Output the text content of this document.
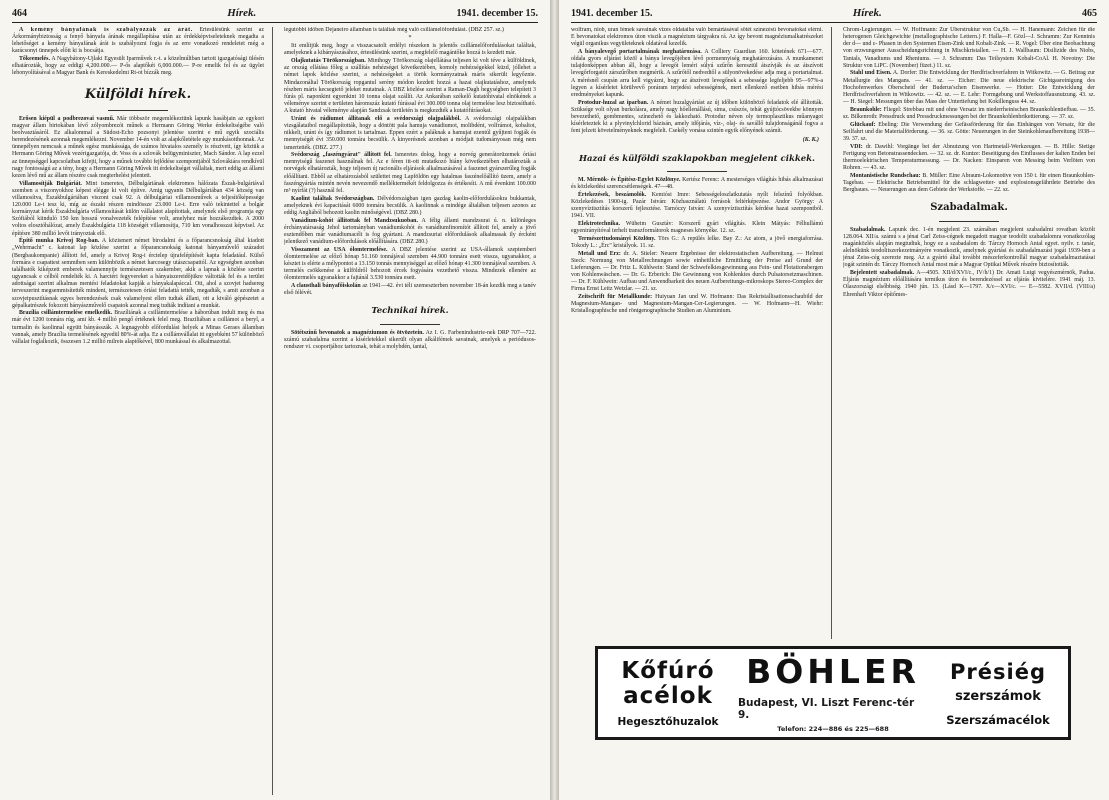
464	Hírek.	1941. december 15.

A kemény bányafának is szabályozzák az árát. Értesülésünk szerint az Árkormánybiztosság a fenyő bányafa árának megállapítása után az érdekképviseleteknek megadta a lehetőséget a kemény bányafának árát is szabályozni fogja és az erre vonatkozó rendeletet még a karácsonyi ünnepek előtt ki is bocsátja.

Tőkeemelés. A Nagybátony-Ujlaki Egyesült Iparművek r.-t. a közelmúltban tartott igazgatósági ülésén elhatározták, hogy az eddigi 4,200.000.— P-ős alaptőkét 6,000.000.— P-re emelik fel és az ügylet lebonyolításával a Magyar Bank és Kereskedelmi Rt-ot bízzák meg.

Külföldi hírek.

Erősen kiépül a podbrezovai vasmű. Már többször megemlékeztünk lapunk hasábjain az egykori magyar állam birtokában lévő zólyombrezói műnek a Hermann Göring Werke érdekeltségébe való beolvasztásáról. Ez alkalommal a Südost-Echo pozsonyi jelentése szerint e mű egyik szociális berendezésének azonnak megemlékezni. November 14-én volt az alapkőletétele egy munkásotthonnak. Az ünnepélyen nemcsak a műnek egész munkássága, de számos hivatalos személy is résztvett, így köztük a Hermann Göring Művek vezérigazgatója, dr. Voss és a szlovák belügyminiszter, Mach Sándor. A lap ezzel az ünnepséggel kapcsolatban kifejti, hogy a műnek további fejlődése szempontjából Szlovákiára rendkívül nagy fontosságú az a tény, hogy a Hermann Göring Művek itt érdekeltséget vállaltak, mert eddig az állami kezen lévő mű az állam részére csak megterhelést jelentett.

Villamosítják Bulgáriát. Mint ismeretes, Délbulgáriának elektromos hálózata Észak-bulgáriával szemben a viszonyokhoz képest elégge ki volt építve. Amig ugyanis Délbulgáriában 434 község van villamosítva, Északbulgáriában viszont csak 92. A délbulgáriai villamosművek a teljesítőképessége 120.000 Le-t tesz ki, míg az északi részen mindössze 23.000 Le-t. Erre való tekintettel a bolgár kormányzat kérik Északbulgária villamosítását külön vállalatot alapítottak, amelynek első programja egy Szófiából kiinduló 150 km hosszú vonalvezeték felépítése volt, amelyhez már hozzákezdtek. A 2000 voltos elosztóhálózat, amely Északbulgária 118 községét villamosítja, 710 km vonalhosszat képvisel. Az építésre 380 millió levőt irányoztak elő.

Építő munka Krivoj Rog-ban. A közismert német birodalmi és a főparancsnokság által kiadott „Wehrmacht" c. katonai lap közlése szerint a főparancsnokság katonai bányaművelő századot (Bergbaukompanie) állított fel, amely a Krivoj Rog-i érctelep újrafelépítését kapta feladatául. Külső formára e csapattest semmiben sem különbözik a német harcosegy utászcsapattól. Az egységben azonban találhatók kiképzett emberek valamennyije természetesen szakember, akik a lapnak a közlése szerint ugyancsak e célból rendelték ki. A harctéri fegyvereket a bányaiszereidőjükre váltották fel és a terület adottságai szerint alkalmas mentési feladatokat kapják a bányakalapáccal. Ott, ahol a szovjet hadsereg terveszerint megsemmisítették mindent, természetesen óriási feladattá tették, megadták, s amit azonban a szovjetpusztításnak egyes berendezések csak valamelyest ellen tudtak állani, ott a kiváló gépészetet a gépalkatrészek fokozott bányászművelő csapatok azonnal meg tudták indítani a munkát.

Brazília csillámtermelése emelkedik. Brazíliának a csillámtermelése a háborúban indult meg és ma már évi 1200 tonnára rúg, ami kb. 4 millió pengő értéknek felel meg. Braziliában a csillámot a beryl, a turmalin és kaolinnal együtt bányásszák. A legnagyobb előfordulási helyek a Minas Geraes államban vannak, amely Brazília termelésének egyedül 80%-át adja. Ez a csillámvállalat itt egyebként 57 különböző vállalat foglalkozik, összesen 1.2 millió milreis alaptőkével, 800 munkással és alkalmazottal.

legutóbbi időben Dejaneiro államban is találtak még való csillámelőfordulást. (DBZ 257. sz.)

*

Itt említjük meg, hogy a visszacsatolt erdélyi részeken is jelentős csillámelőfordulásokat találtak, amelyeknek a kibányászásához, értesülésünk szerint, a megfelelő magántőke hozzá is kezdett már.

Olajkutatás Törökországban. Minthogy Törökország olajellátása teljesen ki volt téve a külföldinek, az ország ellátása főleg a szállítás nehézségei következtében, komoly nehézségekkel küzd, jóllehet a német lapok közlése szerint, a nehézségeket a török kormányzatnak máris sikerült legyőznie. Mindazonáltal Törökország ropgantul serény módon kezdett hozzá a hazai olajkutatáshoz, amelynek részben máris kecsegtető jeleket mutatnak. A DBZ közlése szerint a Raman-Dagh hegységben telepített 3 fúrás pl. naponkint egyenkint 10 tonna olajat szállít. Az Ankarában székelő kutatóhivatal elnökének a véleménye szerint e területen háromszáz kutató fúrással évi 300.000 tonna olaj termelése lesz biztosítható. A kutató hivatal véleménye alapján Sandzsak területén is megkezdték a kutatófúrásokat.

Uránt és rádiumot állítanak elő a svédországi olajpalákból. A svédországi olajpalákban vizsgálataibol megállapították, hogy a döntött pala hamuja vanádiumot, molibdént, volfrámot, kobaltot, nikkelt, uránt és így rádiumot is tartalmaz. Éppen ezért a paláknak a hamujat ezentúl gyűjteni fogják és mennyiségét évi 350.000 tonnára becsülik. A kinyerésnek azonban a módjait tudományosan még nem ismertették. (DBZ. 277.)

Svédország „faszéngyárat" állított fel. Ismeretes dolog, hogy a norvég generátorüzemek óriási mennyiségű faszenet használnak fel. Az e féren itt-ott mutatkozó hiány következtében elhatározták a norvégek elhatározták, hogy teljesen új racionális eljárások alkalmazásával a faszenet gyárszerűleg fogják előállítani. Ebből az elhatározásból születtet meg Lapföldön egy hatalmas faszénelőállító üzem, amely a faszéngyártás mintén nevén nevezendő melléktermékét feldolgozza és értékesíti. A mű évenkint 100.000 m³ nyírfát (?) használ fel.

Kaolint találtak Svédországban. Délvédországban igen gazdag kaolin-előfordulásokra bukkantak, amelyeknek évi kapacitását 6000 tonnára becsülik. A kaolinnak a mindége általában teljesen azonos az eddig Angliából behozott kaolin minőségével. (DBZ 280.)

Vanádium-kohót állítottak fel Mandzsukuoban. A félig állami mandzsurai ú. n. különleges ércbányatársaság Jehol tartományban vanádiumkohót és vanádiumfinomítót állított fel, amely a jövő esztendőben már vanádiumacélt is fog gyártani. A mandzsuriai előfordulások alkalmasak ily ércként jelentkező vanádium-előfordulások előállítására. (DBZ 280.)

Visszament az USA ólomtermelése. A DBZ jelentése szerint az USA-államok szeptemberi ólomtermelése az előző hónap 51.160 tonnájával szemben 44.900 tonnára esett vissza, ugyanakkor, a késztet is elérte a mélypontot a 13.150 tonnás mennyiséggel az előző hónap 41.300 tonnájával szemben. A termelés csökkenése a külföldről behozott ércek fogyására vezethető vissza. Mindezek ellenére az ólomtermelés ugyanakkor a fajtánál 3.530 tonnára esett.

A clausthali bányafőiskolán az 1941—42. évi téli szemeszterben november 18-án kezdik meg a tanév első félévét.

Technikai hírek.

Sötétszínű bevonatok a magnéziumon és ötvözetein. Az I. G. Farbenindustrie-nek DRP 707—722. számú szabadalma szerint a kísérletekkel sikerült olyan alkálifémek savainak, amelyek a periódusos-rendszer vi. csoportjához tartoznak, tehát a molybdén, tantal,

1941. december 15.	Hírek.	465

wolfram, niob, uran fémek savainak vizes oldataiba való bemártásával sötét színezésű bevonatokat elérni. E bevonatokat elektromos úton viszik a magnézium tárgyakra rá. Az így bevont magnéziumalkatrészeket végül organikus vegyületeknek oldatával kezelik.

A bányalevegő portartalmának meghatározása. A Colliery Guardian 160. kötetének 671—677. oldala gyors eljárást közöl a bánya levegőjében lévő pormennyiség meghatározására. A munkamenet tulajdonképpen abban áll, hogy a levegőt leméri súlyú szűrőn keresztül átszívják és az átszívott levegőrforgatót zárszűrőben megmérik. A szűrőtől nedvedtől a sülyonövekedése adja meg a portartalmat. A mérésnél csupán arra kell vigyázni, hogy az átszívott levegőnek a sebessége legfeljebb 95—97%-a legyen a kísérletet körülvevő poráram terjedési sebességének, mert ellenkező esetben hibás mérési eredményeket kapunk.

Protodur-huzal az iparban. A német huzalgyártást az új időben különböző feladatok elé állították. Szüksége volt olyan burkolásra, amely nagy hőellenállású, sima, csúszós, tehát gyújtócsövekbe könnyen bevezethető, gombmentes, színezhető és lakkozható. Protodur néven oly termoplasztikus műanyagot kísérleteztek ki a plyvinylchlorid bázisán, amely időjárás, víz-, olaj- és savállő tulajdonságánál fogva a fent jelzett követelményeknek megfelelt. Csekély vonása szintén egyik előnyének számít.

(K. K.)

Hazai és külföldi szaklapokban megjelent cikkek.

M. Mérnök- és Építész-Egylet Közlönye. Kertész Ferenc: A mesterséges világítás hibás alkalmazásai és közlekedési szerencsétlenségek. 47—48.

Értekezések, beszámolók. Kemiósi Imre: Sebességeloszlatkutatás nyílt felszínű folyókban. Közlekedéses 1900-ig. Pazár István: Közhasználatú források feltérképezése. Andor György: A szenyvíztisztítás korszerű fejlesztése. Tarnóczy István: A szenyvíztisztítás kérdése hazai szempontból. 1941. VII.

Elektrotechnika. Wüheim Gusztáv: Korszerű gyári világítás. Klein Mátyás: Félhullámú egyenirányítóval terhelt transzformátorok magneses környéke. 12. sz.

Természettudományi Közlöny. Törs G.: A repülés lelke. Bay Z.: Az atom, a jövő energiaforrása. Tokody L.: „Érc" kristályok. 11. sz.

Metall und Erz: dr. A. Stieler: Neuere Ergebnisse der elektrostatischen Aufbereitung. — Helmut Steck: Normung von Metallrechnungen sowie einheitliche Ermittlung der Preise auf Grund der Lieferungen. — Dr. Fritz L. Kühlwein: Stand der Schwefelkiesgewinnung aus Fein- und Flotationsbergen von Kohlenwäschen. — Dr. G. Erberich: Die Gewinnung von Kohlenkies durch Pulsatorsetzmaschinen. — Dr. F. Kühlwein: Aufbau und Anwendbarkeit des neuen Aufbereitungs-mikroskops Stereo-Complex der Firma Ernst Leitz Wetzlar. — 21. sz.

Zeitschrift für Metallkunde: Huiyuan Jan und W. Hofmann: Das Rekristallisationsschaubild der Magnesium-Mangan- und Magnesium-Mangan-Cer-Legierungen. — W. Hofmann—H. Wiehr: Kristallographische und röntgenographische Studien an Aluminium.

Chrom-Legierungen. — W. Hoffmann: Zur Überstruktur von Cu₃Sb. — H. Hanemann: Zeichen für die heterogenen Gleichgewichte (metallographische Lettern.) F. Halla—F. Gözl—J. Schramm: Zur Kenntnis der d— und ε- Phasen in den Systemen Eisen-Zink und Kobalt-Zink. — R. Vogel: Über eine Beobachtung von erzwungener Ausscheidungsrichtung in Mischkristallen. — H. J. Wallbaum: Disilizide des Niobs, Tantals, Vanadiums und Rheniums. — J. Schramm: Das Teilsystem Kobalt-CoAl. H. Novotny: Die Struktur von LiPC. (November) füzet.) 11. sz.

Stahl und Eisen. A. Dorfer: Die Entwicklung der Herdfrischverfahren in Witkowitz. — G. Beitrag zur Metallurgie des Mangans. — 41. sz. — Eicher: Die neue elektrische Gichtgasreinigung des Hochofenwerkes Oberscheid der Buderus'schen Eisenwerke. — Hotter: Die Entwicklung der Herdfrischverfahren in Witkowitz. — 42. sz. — E. Lehr: Formgebung und Werkstoffausnutzung. 43. sz. — H. Siegel: Messungen über das Mass der Untertiefung bei Kokillenguss 44. sz.

Braunkohle: Fliegel: Strebbau mit und ohne Versatz im niederrheinischen Braunkohlentiefbau. — 35. sz. Bilkenroth: Pressdruck und Pressdruckmessungen bei der Braunkohlenbrikettierung. — 37. sz.

Glückauf: Ebeling: Die Verwendung der Gefässförderung für das Einhängen von Versatz, für die Seilfahrt und die Materialförderung. — 36. sz. Götte: Neuerungen in der Steinkohlenaufbereitung 1938—39. 37. sz.

VDI: dr. Dawihl: Vorgänge bei der Abnutzung von Hartmetall-Werkzeugen. — B. Hille: Stetige Fertigung von Betonstrassendecken. — 32. sz. dr. Kuntze: Beseitigung des Einflusses der kalten Enden bei thermoelektrischen Temperaturmessung. — Dr. Nacken: Einsparen von Messing beim Verlöten von Rohren. — 43. sz.

Montanistische Rundschau: B. Müller: Eine Abraum-Lokomotive von 150 t. für einen Braunkohlen-Tagebau. — Elektrische Betriebsmittel für die schlagwetter- und explosionsgefährdete Betriebe des Bergbaues. — Neuerungen aus dem Gebiete der Werkstoffe. — 22. sz.

Szabadalmak.

Szabadalmak. Lapunk dec. 1-én megjelent 23. számában megjelent szabadalmi rovatban közölt 128.064. XII/a. számú s a jénai Carl Zeiss-cégnek megadott magyar teodolit szabadalomra vonatkozólag magánközlés alapján megtudtuk, hogy ez a szabadalom dr. Tárczy Hornoch Antal egyet. nyilv. r. tanár, alelnökünk teodolitszerkezetmányére vonatkozik, amelynek gyártási és szabadalmazási jogát 1939-ben a jénai Zeiss-cég szerezte meg. Az a gyártó által további mészeferkontrollál magyar szabadalmaztatásai jogát szintén dr. Tárczy Hornoch Antal most már a Magyar Optikai Művek részére biztosították.

Bejelentett szabadalmak. A—4505. XII/d/XVI/c., IV/h/1) Dr. Amati Luigi vegyészmérnök, Padua. Eljárás magnézium előállítására termikus úton és berendezéssel az eljárás kivitelére. 1941 máj. 13. Olaszországi elsőbbség. 1940 jún. 13. (Lásd K—1797. X/c—XVI/c. — E—5582. XVII/d. (VIII/a) Ehrenhaft Viktor építőmes-

Kőfúró
acélok
Hegesztőhuzalok
BÖHLER
Budapest, VI. Liszt Ferenc-tér 9.
Telefon: 224—886 és 225—688
Présiég
szerszámok
Szerszámacélok
